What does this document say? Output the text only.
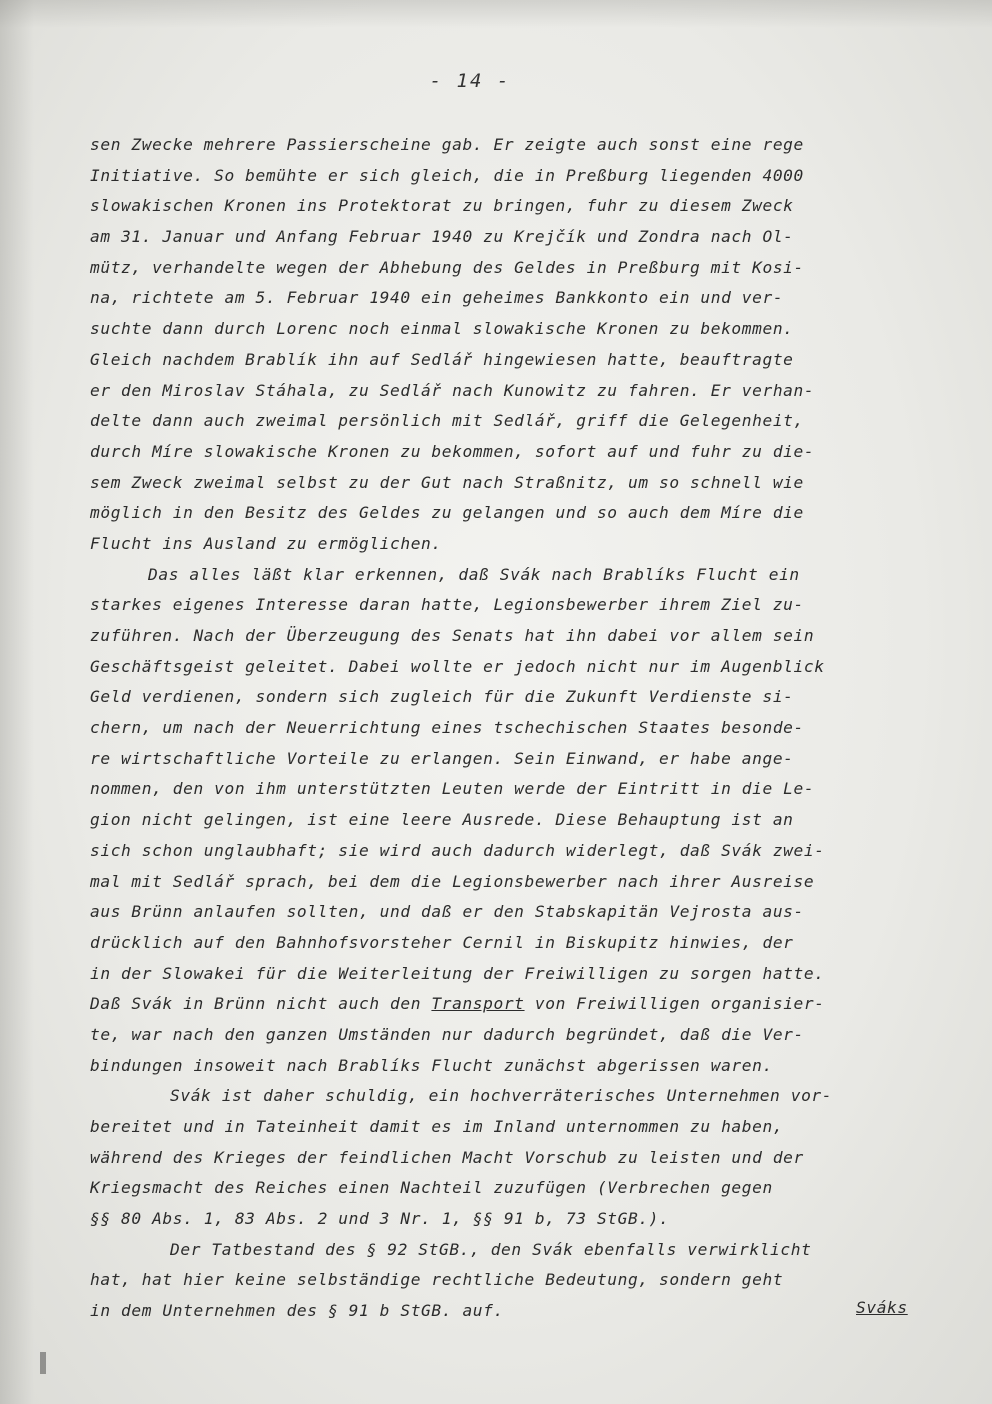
- 14 -
sen Zwecke mehrere Passierscheine gab. Er zeigte auch sonst eine rege
Initiative. So bemühte er sich gleich, die in Preßburg liegenden 4000
slowakischen Kronen ins Protektorat zu bringen, fuhr zu diesem Zweck
am 31. Januar und Anfang Februar 1940 zu Krejčík und Zondra nach Ol-
mütz, verhandelte wegen der Abhebung des Geldes in Preßburg mit Kosi-
na, richtete am 5. Februar 1940 ein geheimes Bankkonto ein und ver-
suchte dann durch Lorenc noch einmal slowakische Kronen zu bekommen.
Gleich nachdem Brablík ihn auf Sedlář hingewiesen hatte, beauftragte
er den Miroslav Stáhala, zu Sedlář nach Kunowitz zu fahren. Er verhan-
delte dann auch zweimal persönlich mit Sedlář, griff die Gelegenheit,
durch Míre slowakische Kronen zu bekommen, sofort auf und fuhr zu die-
sem Zweck zweimal selbst zu der Gut nach Straßnitz, um so schnell wie
möglich in den Besitz des Geldes zu gelangen und so auch dem Míre die
Flucht ins Ausland zu ermöglichen.
Das alles läßt klar erkennen, daß Svák nach Brablíks Flucht ein
starkes eigenes Interesse daran hatte, Legionsbewerber ihrem Ziel zu-
zuführen. Nach der Überzeugung des Senats hat ihn dabei vor allem sein
Geschäftsgeist geleitet. Dabei wollte er jedoch nicht nur im Augenblick
Geld verdienen, sondern sich zugleich für die Zukunft Verdienste si-
chern, um nach der Neuerrichtung eines tschechischen Staates besonde-
re wirtschaftliche Vorteile zu erlangen. Sein Einwand, er habe ange-
nommen, den von ihm unterstützten Leuten werde der Eintritt in die Le-
gion nicht gelingen, ist eine leere Ausrede. Diese Behauptung ist an
sich schon unglaubhaft; sie wird auch dadurch widerlegt, daß Svák zwei-
mal mit Sedlář sprach, bei dem die Legionsbewerber nach ihrer Ausreise
aus Brünn anlaufen sollten, und daß er den Stabskapitän Vejrosta aus-
drücklich auf den Bahnhofsvorsteher Cernil in Biskupitz hinwies, der
in der Slowakei für die Weiterleitung der Freiwilligen zu sorgen hatte.
Daß Svák in Brünn nicht auch den Transport von Freiwilligen organisier-
te, war nach den ganzen Umständen nur dadurch begründet, daß die Ver-
bindungen insoweit nach Brablíks Flucht zunächst abgerissen waren.
Svák ist daher schuldig, ein hochverräterisches Unternehmen vor-
bereitet und in Tateinheit damit es im Inland unternommen zu haben,
während des Krieges der feindlichen Macht Vorschub zu leisten und der
Kriegsmacht des Reiches einen Nachteil zuzufügen (Verbrechen gegen
§§ 80 Abs. 1, 83 Abs. 2 und 3 Nr. 1, §§ 91 b, 73 StGB.).
Der Tatbestand des § 92 StGB., den Svák ebenfalls verwirklicht
hat, hat hier keine selbständige rechtliche Bedeutung, sondern geht
in dem Unternehmen des § 91 b StGB. auf.	Sváks
